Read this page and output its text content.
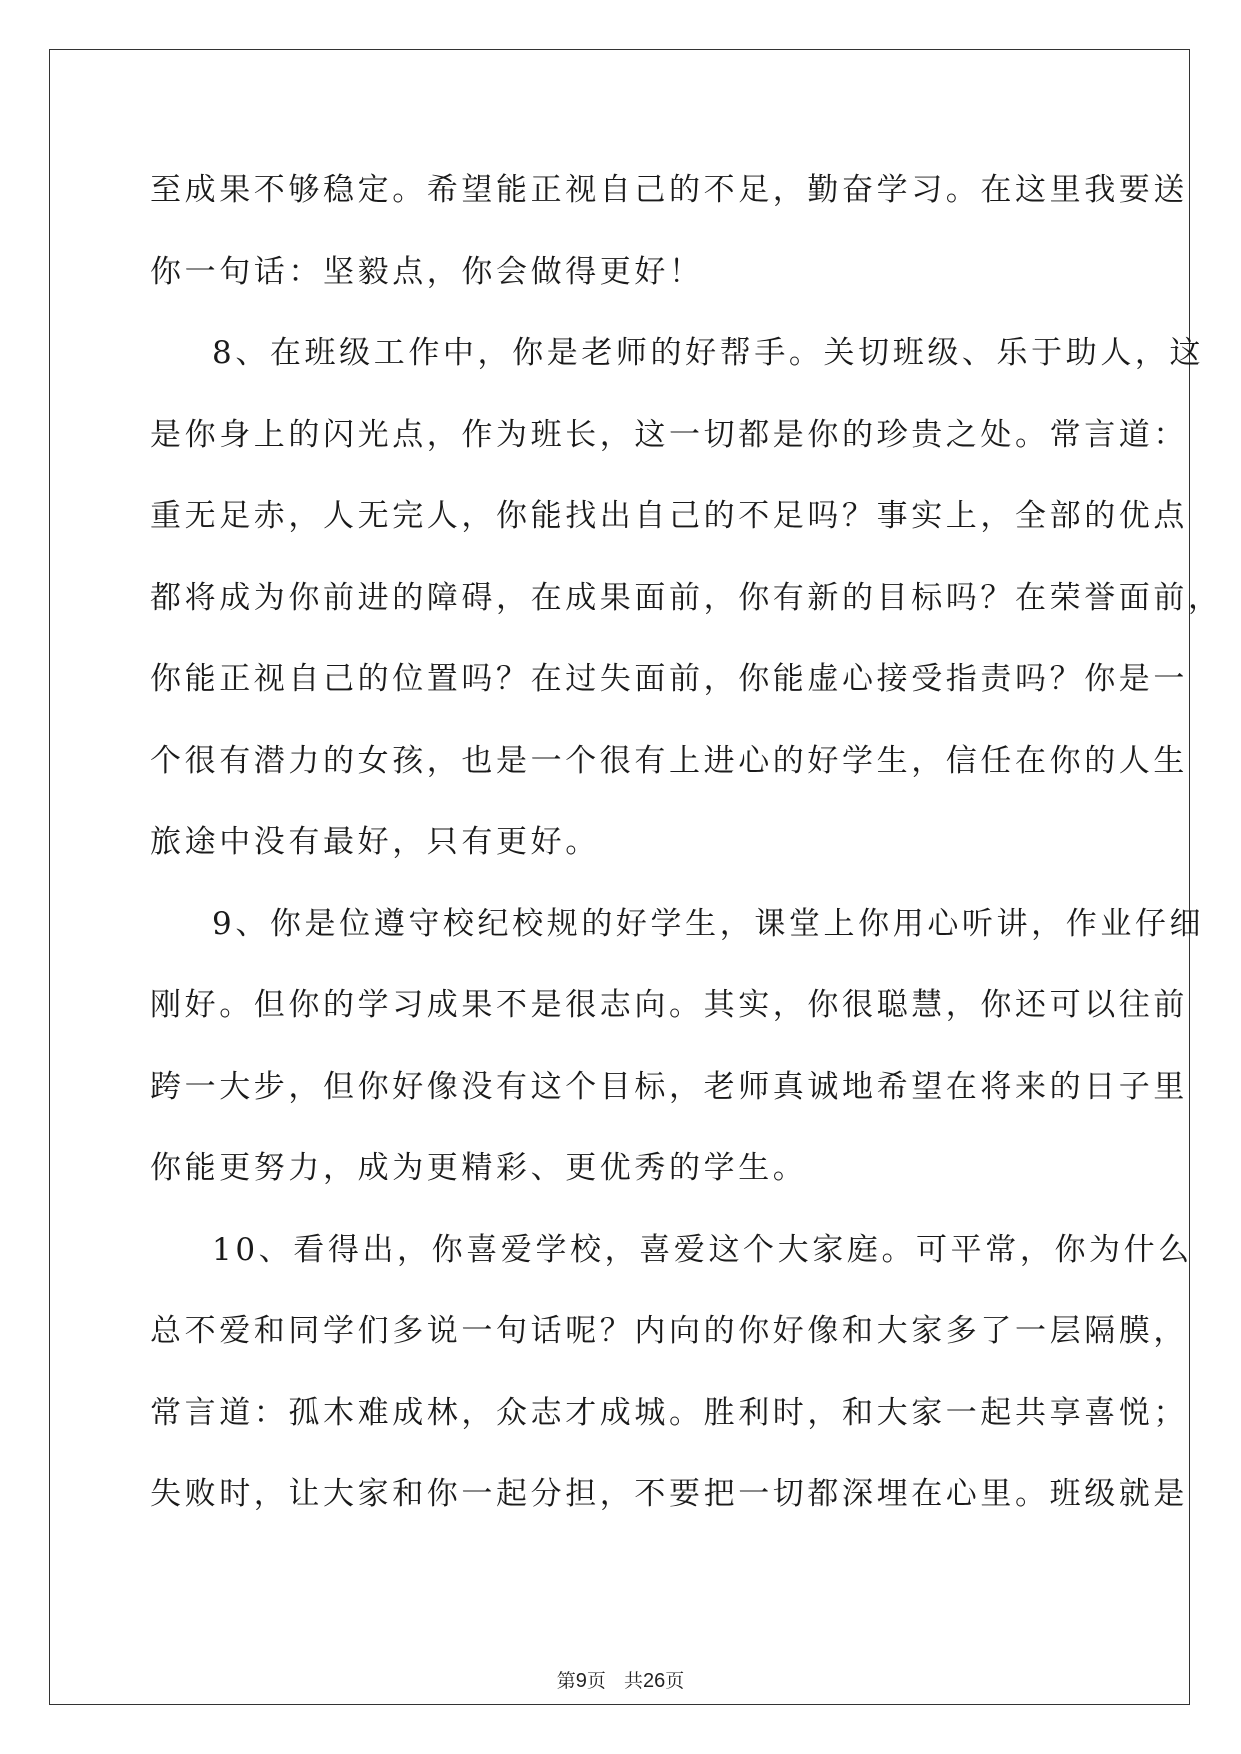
至成果不够稳定。希望能正视自己的不足，勤奋学习。在这里我要送
你一句话：坚毅点，你会做得更好！
8、在班级工作中，你是老师的好帮手。关切班级、乐于助人，这
是你身上的闪光点，作为班长，这一切都是你的珍贵之处。常言道：
重无足赤，人无完人，你能找出自己的不足吗？事实上，全部的优点
都将成为你前进的障碍，在成果面前，你有新的目标吗？在荣誉面前，
你能正视自己的位置吗？在过失面前，你能虚心接受指责吗？你是一
个很有潜力的女孩，也是一个很有上进心的好学生，信任在你的人生
旅途中没有最好，只有更好。
9、你是位遵守校纪校规的好学生，课堂上你用心听讲，作业仔细
刚好。但你的学习成果不是很志向。其实，你很聪慧，你还可以往前
跨一大步，但你好像没有这个目标，老师真诚地希望在将来的日子里
你能更努力，成为更精彩、更优秀的学生。
10、看得出，你喜爱学校，喜爱这个大家庭。可平常，你为什么
总不爱和同学们多说一句话呢？内向的你好像和大家多了一层隔膜，
常言道：孤木难成林，众志才成城。胜利时，和大家一起共享喜悦；
失败时，让大家和你一起分担，不要把一切都深埋在心里。班级就是
第9页 共26页
